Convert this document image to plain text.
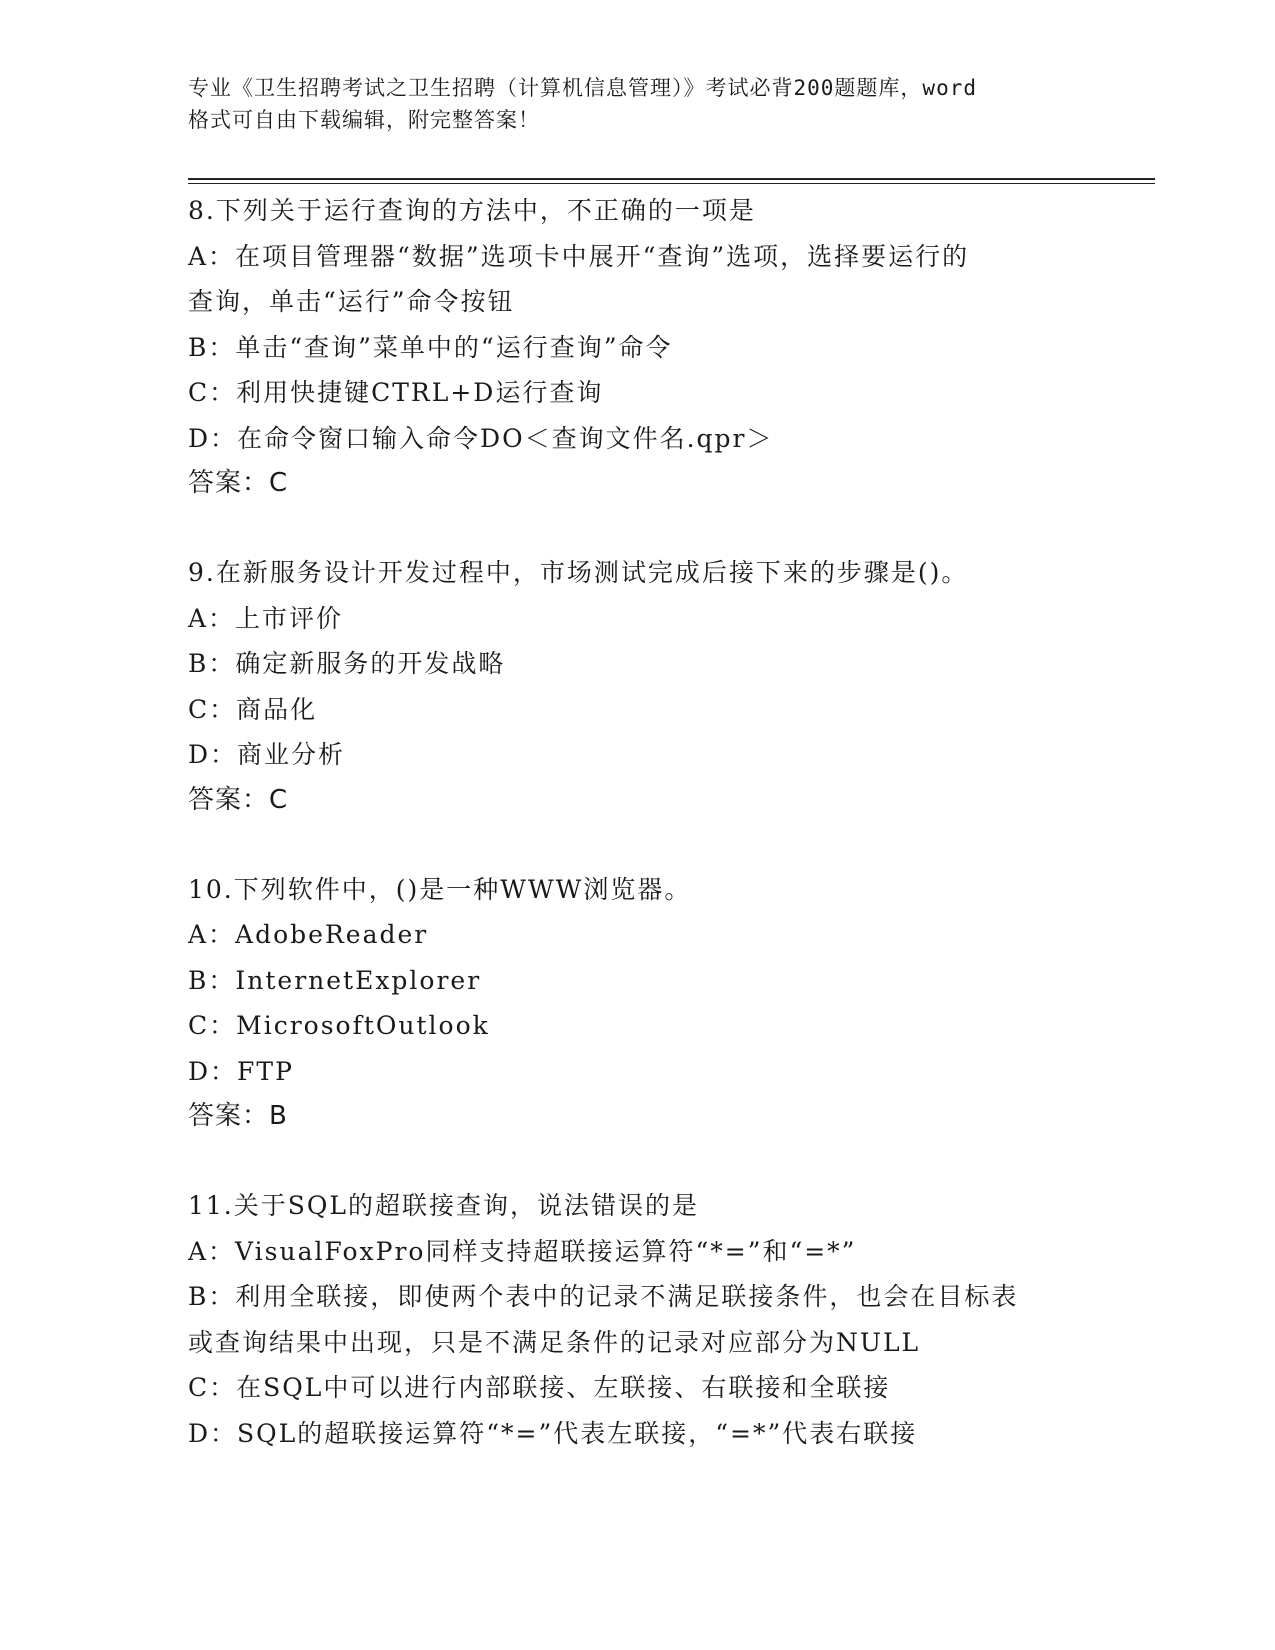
专业《卫生招聘考试之卫生招聘（计算机信息管理）》考试必背200题题库，word
格式可自由下载编辑，附完整答案！
8.下列关于运行查询的方法中，不正确的一项是
A：在项目管理器“数据”选项卡中展开“查询”选项，选择要运行的
查询，单击“运行”命令按钮
B：单击“查询”菜单中的“运行查询”命令
C：利用快捷键CTRL+D运行查询
D：在命令窗口输入命令DO＜查询文件名.qpr＞
答案：C
9.在新服务设计开发过程中，市场测试完成后接下来的步骤是()。
A：上市评价
B：确定新服务的开发战略
C：商品化
D：商业分析
答案：C
10.下列软件中，()是一种WWW浏览器。
A：AdobeReader
B：InternetExplorer
C：MicrosoftOutlook
D：FTP
答案：B
11.关于SQL的超联接查询，说法错误的是
A：VisualFoxPro同样支持超联接运算符“*=”和“=*”
B：利用全联接，即使两个表中的记录不满足联接条件，也会在目标表
或查询结果中出现，只是不满足条件的记录对应部分为NULL
C：在SQL中可以进行内部联接、左联接、右联接和全联接
D：SQL的超联接运算符“*=”代表左联接，“=*”代表右联接
